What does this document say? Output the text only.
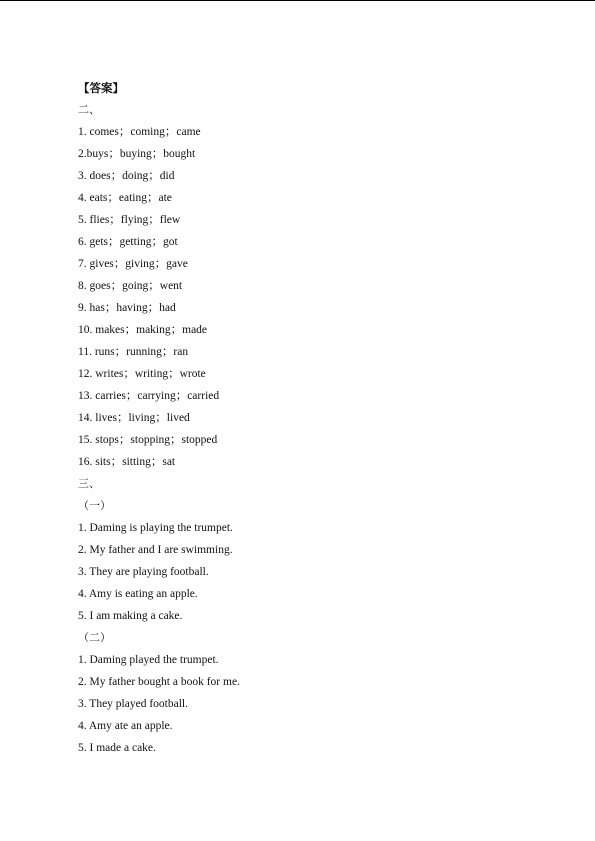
【答案】
二、
1. comes；coming；came
2.buys；buying；bought
3. does；doing；did
4. eats；eating；ate
5. flies；flying；flew
6. gets；getting；got
7. gives；giving；gave
8. goes；going；went
9. has；having；had
10. makes；making；made
11. runs；running；ran
12. writes；writing；wrote
13. carries；carrying；carried
14. lives；living；lived
15. stops；stopping；stopped
16. sits；sitting；sat
三、
（一）
1. Daming is playing the trumpet.
2. My father and I are swimming.
3. They are playing football.
4. Amy is eating an apple.
5. I am making a cake.
（二）
1. Daming played the trumpet.
2. My father bought a book for me.
3. They played football.
4. Amy ate an apple.
5. I made a cake.
